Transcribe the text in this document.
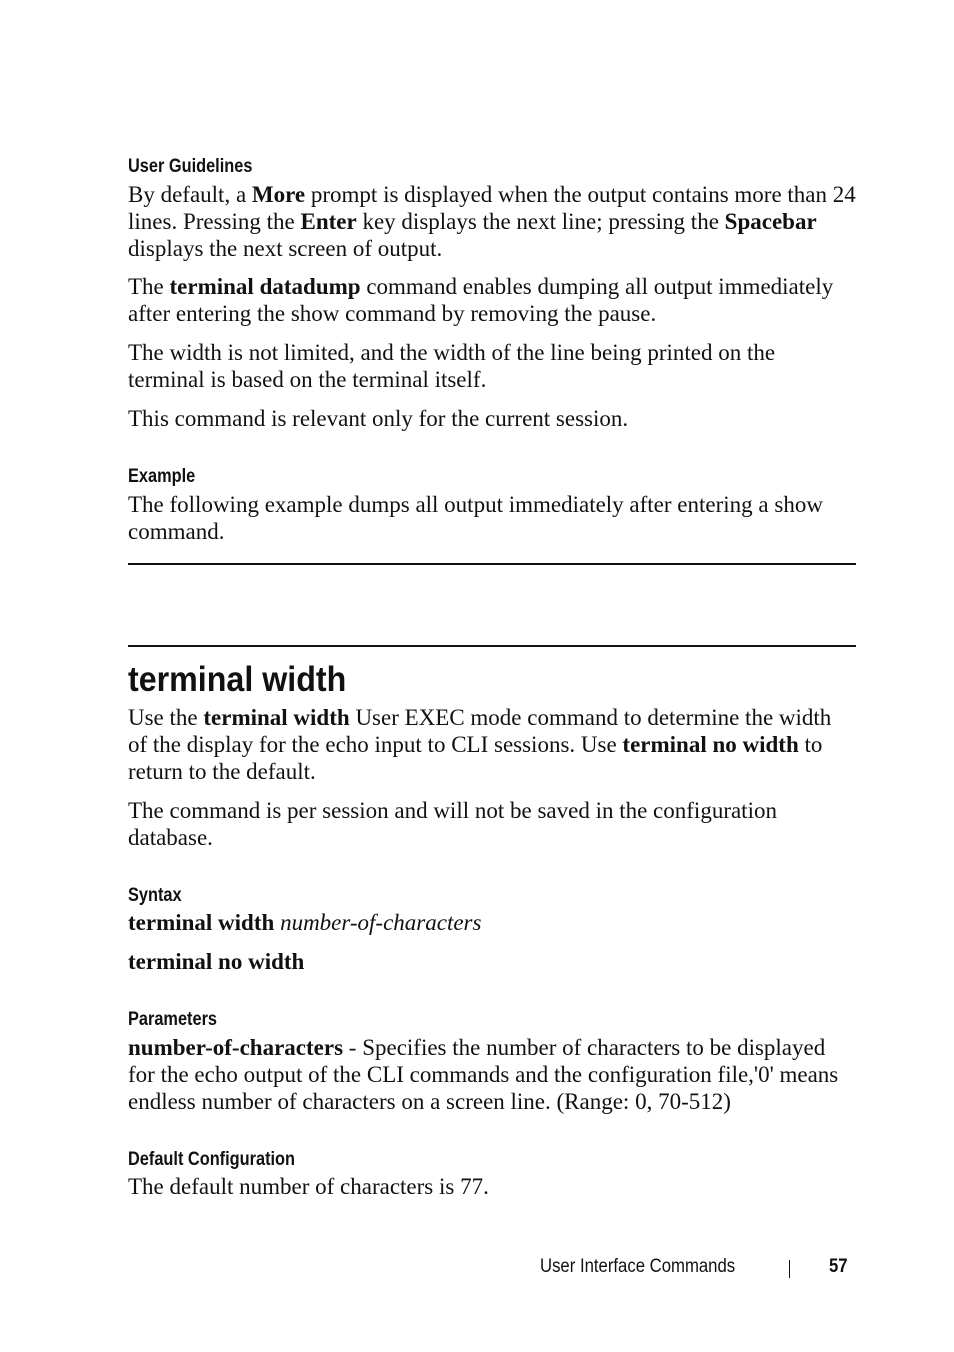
User Guidelines

By default, a More prompt is displayed when the output contains more than 24 lines. Pressing the Enter key displays the next line; pressing the Spacebar displays the next screen of output.

The terminal datadump command enables dumping all output immediately after entering the show command by removing the pause.

The width is not limited, and the width of the line being printed on the terminal is based on the terminal itself.

This command is relevant only for the current session.

Example

The following example dumps all output immediately after entering a show command.

terminal width

Use the terminal width User EXEC mode command to determine the width of the display for the echo input to CLI sessions. Use terminal no width to return to the default.

The command is per session and will not be saved in the configuration database.

Syntax

terminal width number-of-characters

terminal no width

Parameters

number-of-characters - Specifies the number of characters to be displayed for the echo output of the CLI commands and the configuration file,'0' means endless number of characters on a screen line. (Range: 0, 70-512)

Default Configuration

The default number of characters is 77.

User Interface Commands	57
